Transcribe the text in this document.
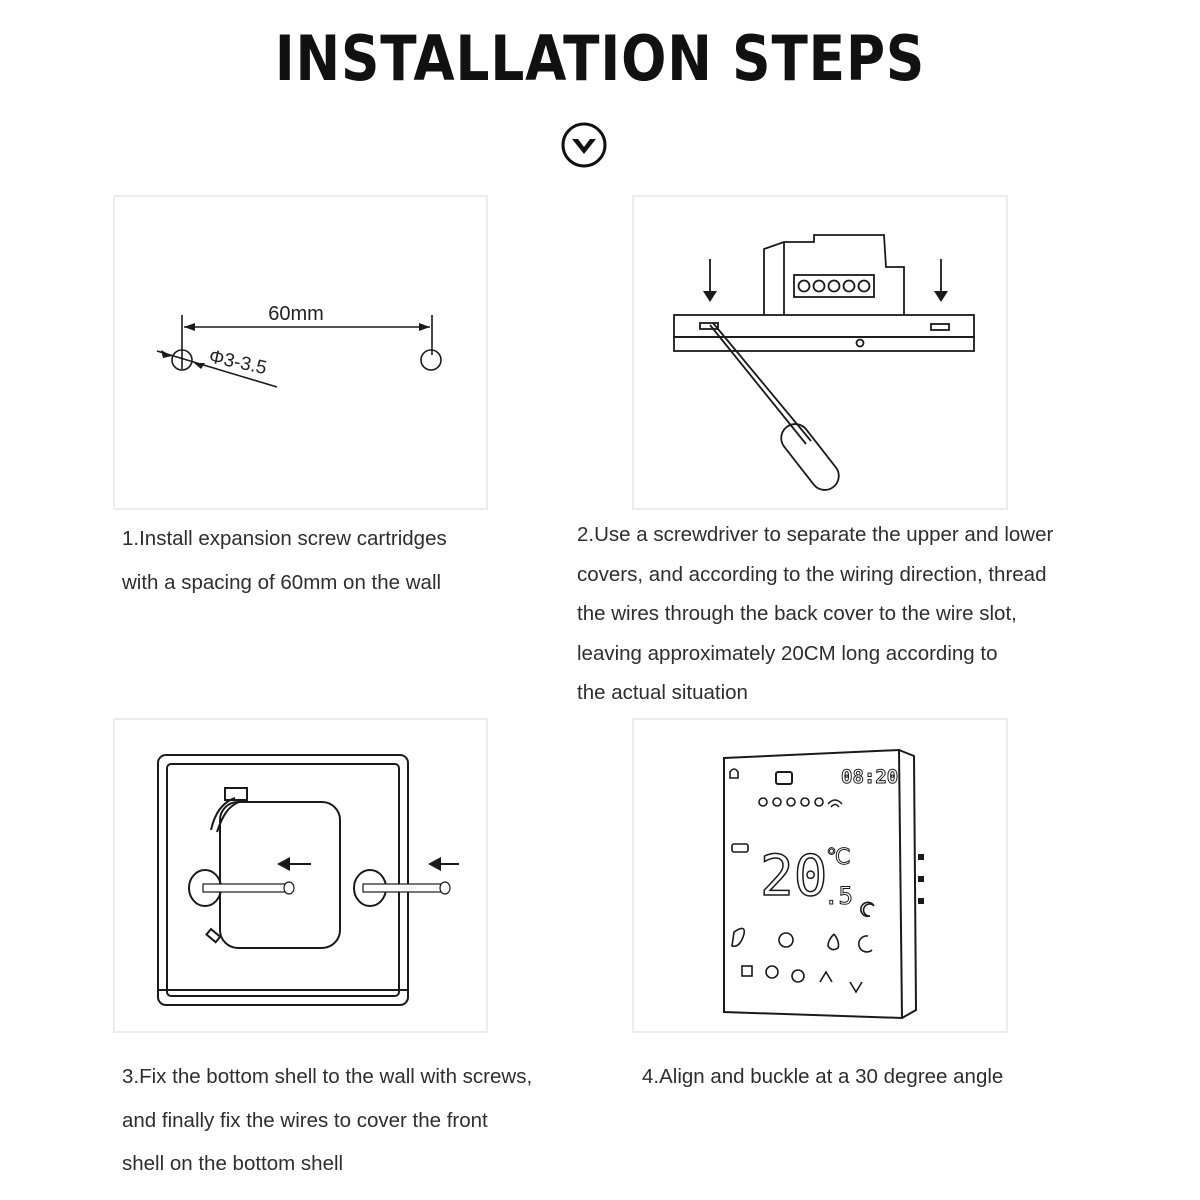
INSTALLATION STEPS
60mm
Φ3-3.5

1.Install expansion screw cartridges
with a spacing of 60mm on the wall

2.Use a screwdriver to separate the upper and lower
covers, and according to the wiring direction, thread
the wires through the back cover to the wire slot,
leaving approximately 20CM long according to
the actual situation

3.Fix the bottom shell to the wall with screws,
and finally fix the wires to cover the front
shell on the bottom shell

08:20
20
℃
.5

4.Align and buckle at a 30 degree angle
